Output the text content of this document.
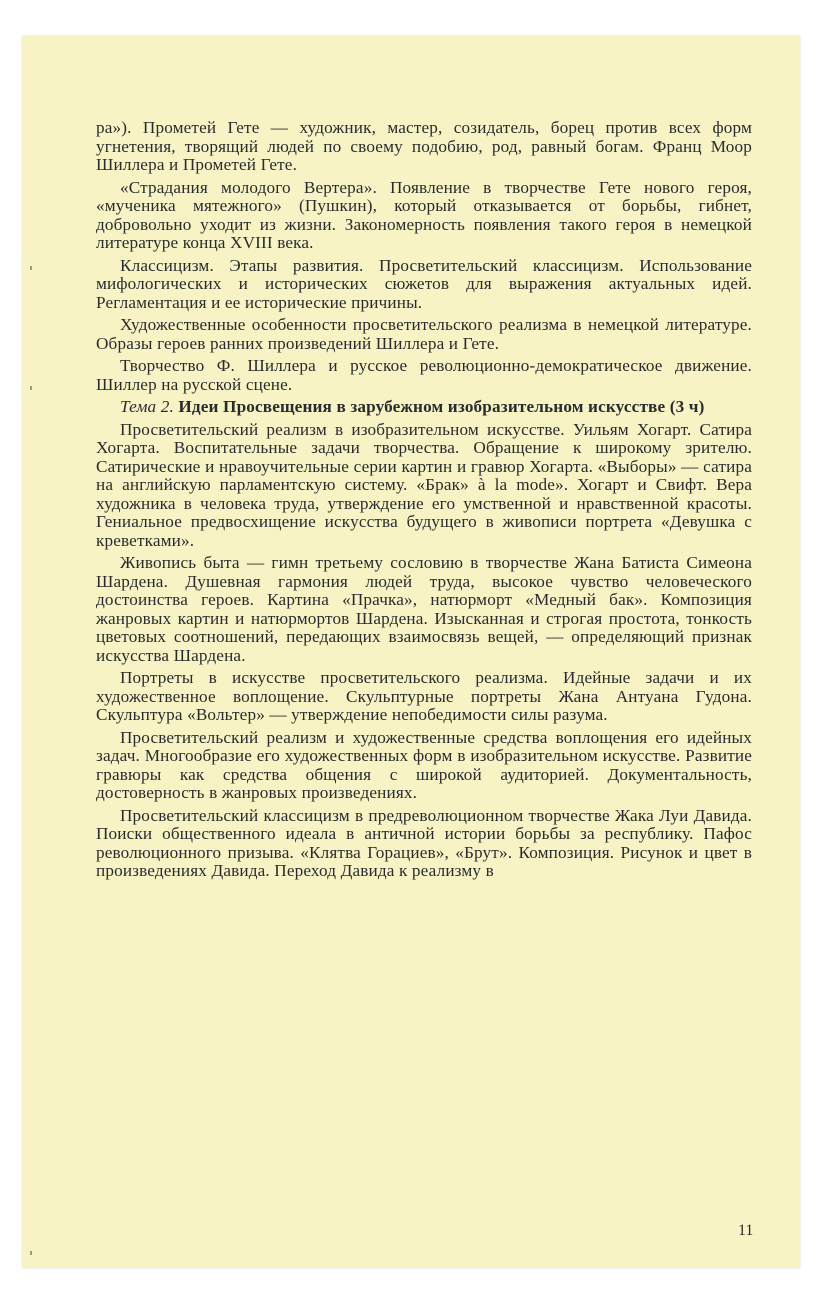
ра»). Прометей Гете — художник, мастер, созидатель, борец против всех форм угнетения, творящий людей по своему подобию, род, равный богам. Франц Моор Шиллера и Прометей Гете.

«Страдания молодого Вертера». Появление в творчестве Гете нового героя, «мученика мятежного» (Пушкин), который отказывается от борьбы, гибнет, добровольно уходит из жизни. Закономерность появления такого героя в немецкой литературе конца XVIII века.

Классицизм. Этапы развития. Просветительский классицизм. Использование мифологических и исторических сюжетов для выражения актуальных идей. Регламентация и ее исторические причины.

Художественные особенности просветительского реализма в немецкой литературе. Образы героев ранних произведений Шиллера и Гете.

Творчество Ф. Шиллера и русское революционно-демократическое движение. Шиллер на русской сцене.

Тема 2. Идеи Просвещения в зарубежном изобразительном искусстве (3 ч)

Просветительский реализм в изобразительном искусстве. Уильям Хогарт. Сатира Хогарта. Воспитательные задачи творчества. Обращение к широкому зрителю. Сатирические и нравоучительные серии картин и гравюр Хогарта. «Выборы» — сатира на английскую парламентскую систему. «Брак» à la mode». Хогарт и Свифт. Вера художника в человека труда, утверждение его умственной и нравственной красоты. Гениальное предвосхищение искусства будущего в живописи портрета «Девушка с креветками».

Живопись быта — гимн третьему сословию в творчестве Жана Батиста Симеона Шардена. Душевная гармония людей труда, высокое чувство человеческого достоинства героев. Картина «Прачка», натюрморт «Медный бак». Композиция жанровых картин и натюрмортов Шардена. Изысканная и строгая простота, тонкость цветовых соотношений, передающих взаимосвязь вещей, — определяющий признак искусства Шардена.

Портреты в искусстве просветительского реализма. Идейные задачи и их художественное воплощение. Скульптурные портреты Жана Антуана Гудона. Скульптура «Вольтер» — утверждение непобедимости силы разума.

Просветительский реализм и художественные средства воплощения его идейных задач. Многообразие его художественных форм в изобразительном искусстве. Развитие гравюры как средства общения с широкой аудиторией. Документальность, достоверность в жанровых произведениях.

Просветительский классицизм в предреволюционном творчестве Жака Луи Давида. Поиски общественного идеала в античной истории борьбы за республику. Пафос революционного призыва. «Клятва Горациев», «Брут». Композиция. Рисунок и цвет в произведениях Давида. Переход Давида к реализму в

11
